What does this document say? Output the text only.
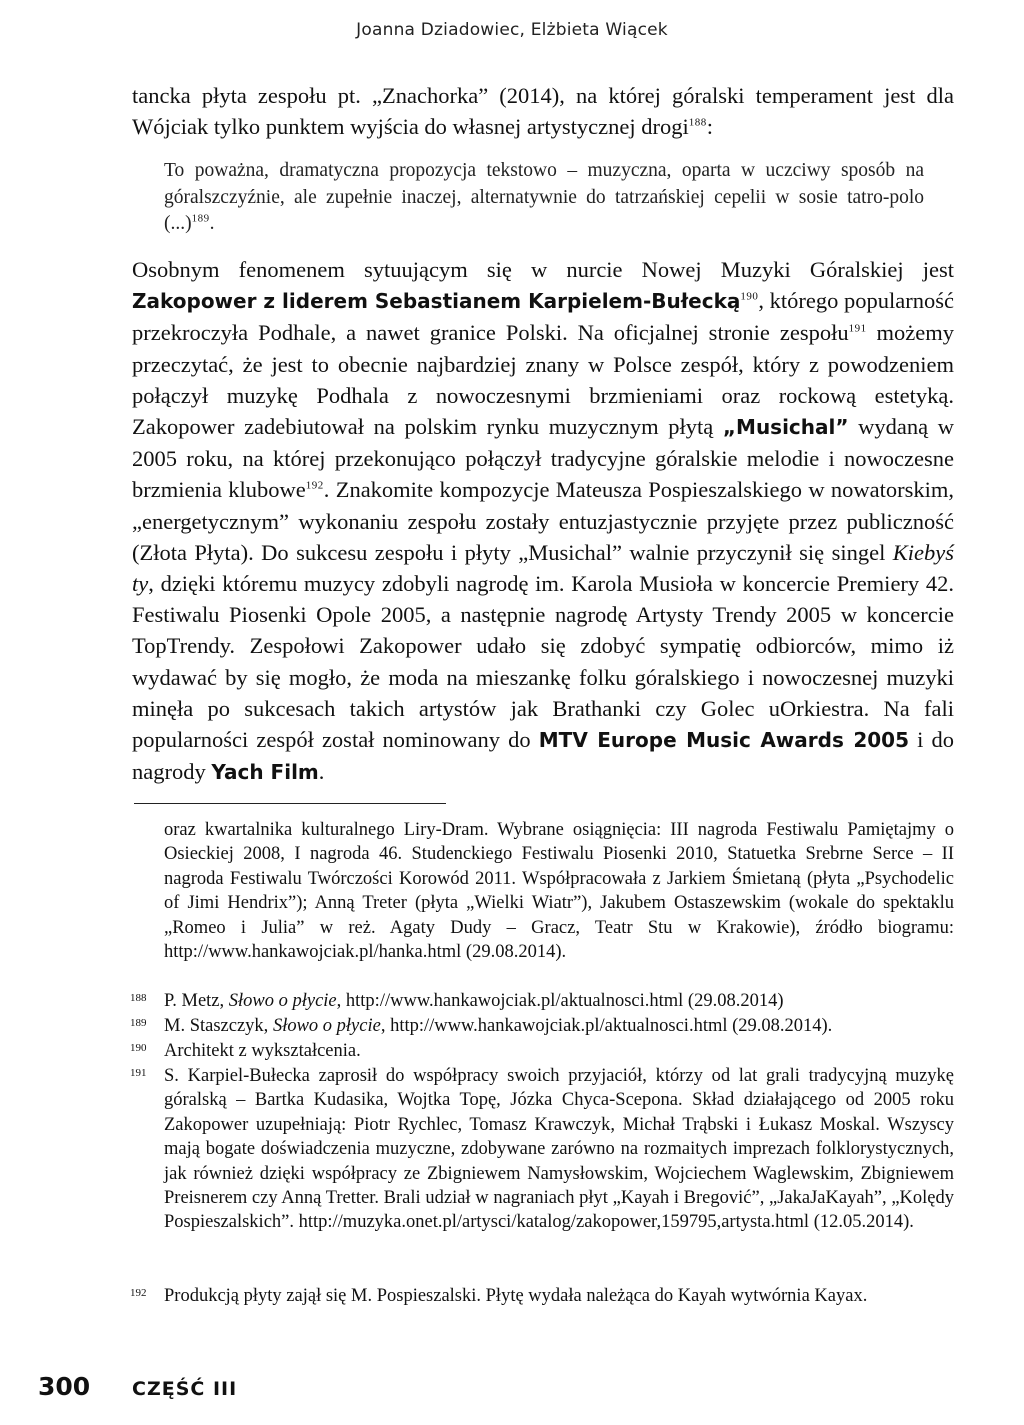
Joanna Dziadowiec, Elżbieta Wiącek

tancka płyta zespołu pt. „Znachorka” (2014), na której góralski temperament jest dla Wójciak tylko punktem wyjścia do własnej artystycznej drogi$^{188}$:

To poważna, dramatyczna propozycja tekstowo – muzyczna, oparta w uczciwy sposób na góralszczyźnie, ale zupełnie inaczej, alternatywnie do tatrzańskiej cepelii w sosie tatro-polo (...)$^{189}$.

Osobnym fenomenem sytuującym się w nurcie Nowej Muzyki Góralskiej jest Zakopower z liderem Sebastianem Karpielem-Bułecką$^{190}$, którego popularność przekroczyła Podhale, a nawet granice Polski. Na oficjalnej stronie zespołu$^{191}$ możemy przeczytać, że jest to obecnie najbardziej znany w Polsce zespół, który z powodzeniem połączył muzykę Podhala z nowoczesnymi brzmieniami oraz rockową estetyką. Zakopower zadebiutował na polskim rynku muzycznym płytą „Musichal” wydaną w 2005 roku, na której przekonująco połączył tradycyjne góralskie melodie i nowoczesne brzmienia klubowe$^{192}$. Znakomite kompozycje Mateusza Pospieszalskiego w nowatorskim, „energetycznym” wykonaniu zespołu zostały entuzjastycznie przyjęte przez publiczność (Złota Płyta). Do sukcesu zespołu i płyty „Musichal” walnie przyczynił się singel Kiebyś ty, dzięki któremu muzycy zdobyli nagrodę im. Karola Musioła w koncercie Premiery 42. Festiwalu Piosenki Opole 2005, a następnie nagrodę Artysty Trendy 2005 w koncercie TopTrendy. Zespołowi Zakopower udało się zdobyć sympatię odbiorców, mimo iż wydawać by się mogło, że moda na mieszankę folku góralskiego i nowoczesnej muzyki minęła po sukcesach takich artystów jak Brathanki czy Golec uOrkiestra. Na fali popularności zespół został nominowany do MTV Europe Music Awards 2005 i do nagrody Yach Film.

oraz kwartalnika kulturalnego Liry-Dram. Wybrane osiągnięcia: III nagroda Festiwalu Pamiętajmy o Osieckiej 2008, I nagroda 46. Studenckiego Festiwalu Piosenki 2010, Statuetka Srebrne Serce – II nagroda Festiwalu Twórczości Korowód 2011. Współpracowała z Jarkiem Śmietaną (płyta „Psychodelic of Jimi Hendrix”); Anną Treter (płyta „Wielki Wiatr”), Jakubem Ostaszewskim (wokale do spektaklu „Romeo i Julia” w reż. Agaty Dudy – Gracz, Teatr Stu w Krakowie), źródło biogramu: http://www.hankawojciak.pl/hanka.html (29.08.2014).

188 P. Metz, Słowo o płycie, http://www.hankawojciak.pl/aktualnosci.html (29.08.2014)
189 M. Staszczyk, Słowo o płycie, http://www.hankawojciak.pl/aktualnosci.html (29.08.2014).
190 Architekt z wykształcenia.
191 S. Karpiel-Bułecka zaprosił do współpracy swoich przyjaciół, którzy od lat grali tradycyjną muzykę góralską – Bartka Kudasika, Wojtka Topę, Józka Chyca-Scepona. Skład działającego od 2005 roku Zakopower uzupełniają: Piotr Rychlec, Tomasz Krawczyk, Michał Trąbski i Łukasz Moskal. Wszyscy mają bogate doświadczenia muzyczne, zdobywane zarówno na rozmaitych imprezach folklorystycznych, jak również dzięki współpracy ze Zbigniewem Namysłowskim, Wojciechem Waglewskim, Zbigniewem Preisnerem czy Anną Tretter. Brali udział w nagraniach płyt „Kayah i Bregović”, „JakaJaKayah”, „Kolędy Pospieszalskich”. http://muzyka.onet.pl/artysci/katalog/zakopower,159795,artysta.html (12.05.2014).
192 Produkcją płyty zajął się M. Pospieszalski. Płytę wydała należąca do Kayah wytwórnia Kayax.
300 CZĘŚĆ III
